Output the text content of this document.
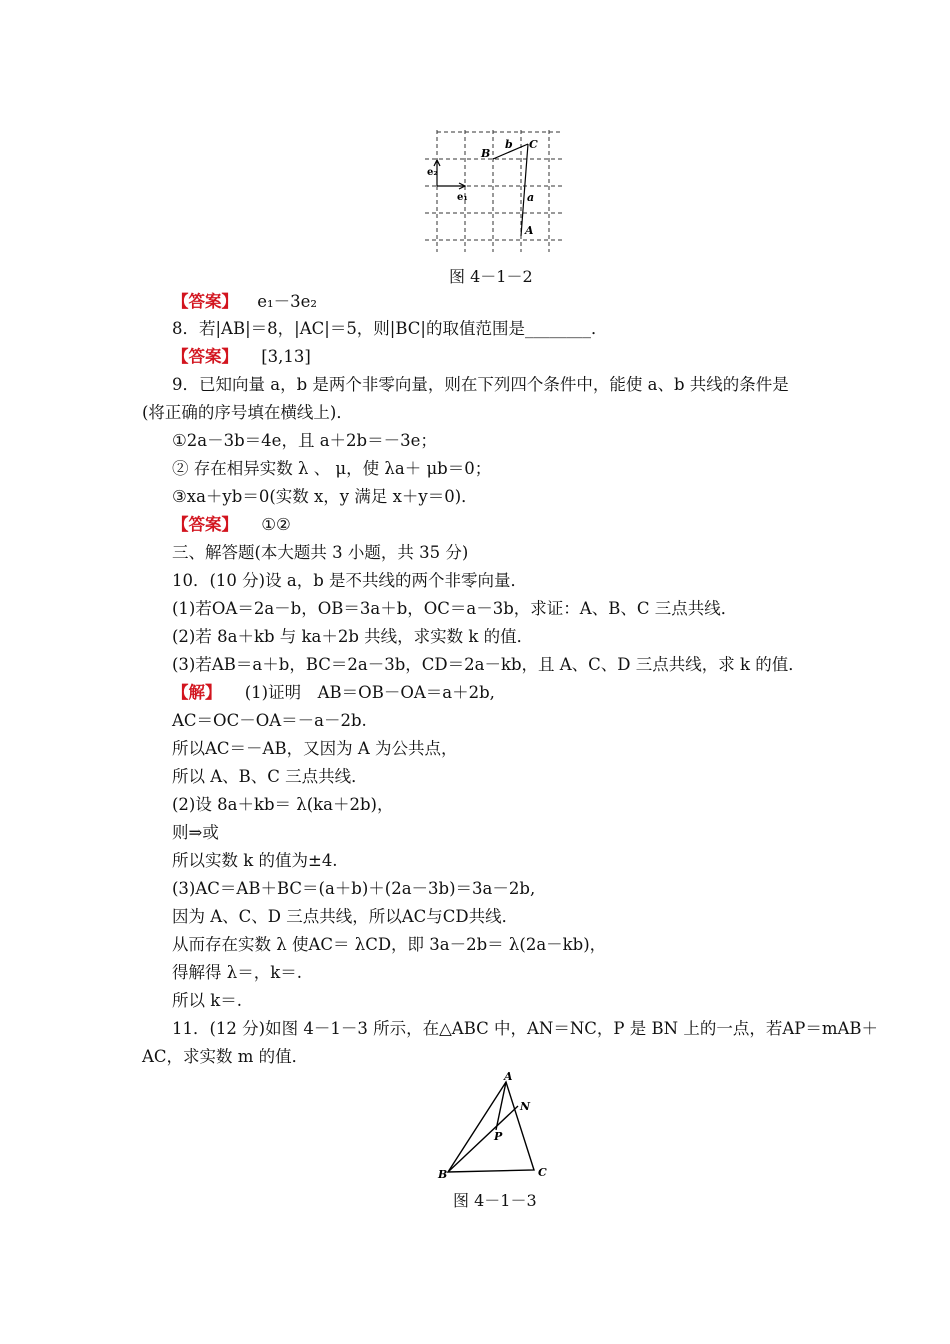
B
b C
e₂
e₁	a
A
图 4－1－2
【答案】 e₁－3e₂
8．若|AB|＝8，|AC|＝5，则|BC|的取值范围是________．
【答案】 [3,13]
9．已知向量 a，b 是两个非零向量，则在下列四个条件中，能使 a、b 共线的条件是
(将正确的序号填在横线上)．
①2a－3b＝4e，且 a＋2b＝－3e；
② 存在相异实数 λ 、 μ，使 λa＋ μb＝0；
③xa＋yb＝0(实数 x，y 满足 x＋y＝0)．
【答案】 ①②
三、解答题(本大题共 3 小题，共 35 分)
10．(10 分)设 a，b 是不共线的两个非零向量．
(1)若OA＝2a－b，OB＝3a＋b，OC＝a－3b，求证：A、B、C 三点共线．
(2)若 8a＋kb 与 ka＋2b 共线，求实数 k 的值．
(3)若AB＝a＋b，BC＝2a－3b，CD＝2a－kb，且 A、C、D 三点共线，求 k 的值．
【解】 (1)证明　AB＝OB－OA＝a＋2b,
AC＝OC－OA＝－a－2b.
所以AC＝－AB，又因为 A 为公共点，
所以 A、B、C 三点共线．
(2)设 8a＋kb＝ λ(ka＋2b)，
则⇒或
所以实数 k 的值为±4.
(3)AC＝AB＋BC＝(a＋b)＋(2a－3b)＝3a－2b,
因为 A、C、D 三点共线，所以AC与CD共线．
从而存在实数 λ 使AC＝ λCD，即 3a－2b＝ λ(2a－kb)，
得解得 λ＝，k＝.
所以 k＝.
11．(12 分)如图 4－1－3 所示，在△ABC 中，AN＝NC，P 是 BN 上的一点，若AP＝mAB＋
AC，求实数 m 的值．
A
N
P
B	C
图 4－1－3
